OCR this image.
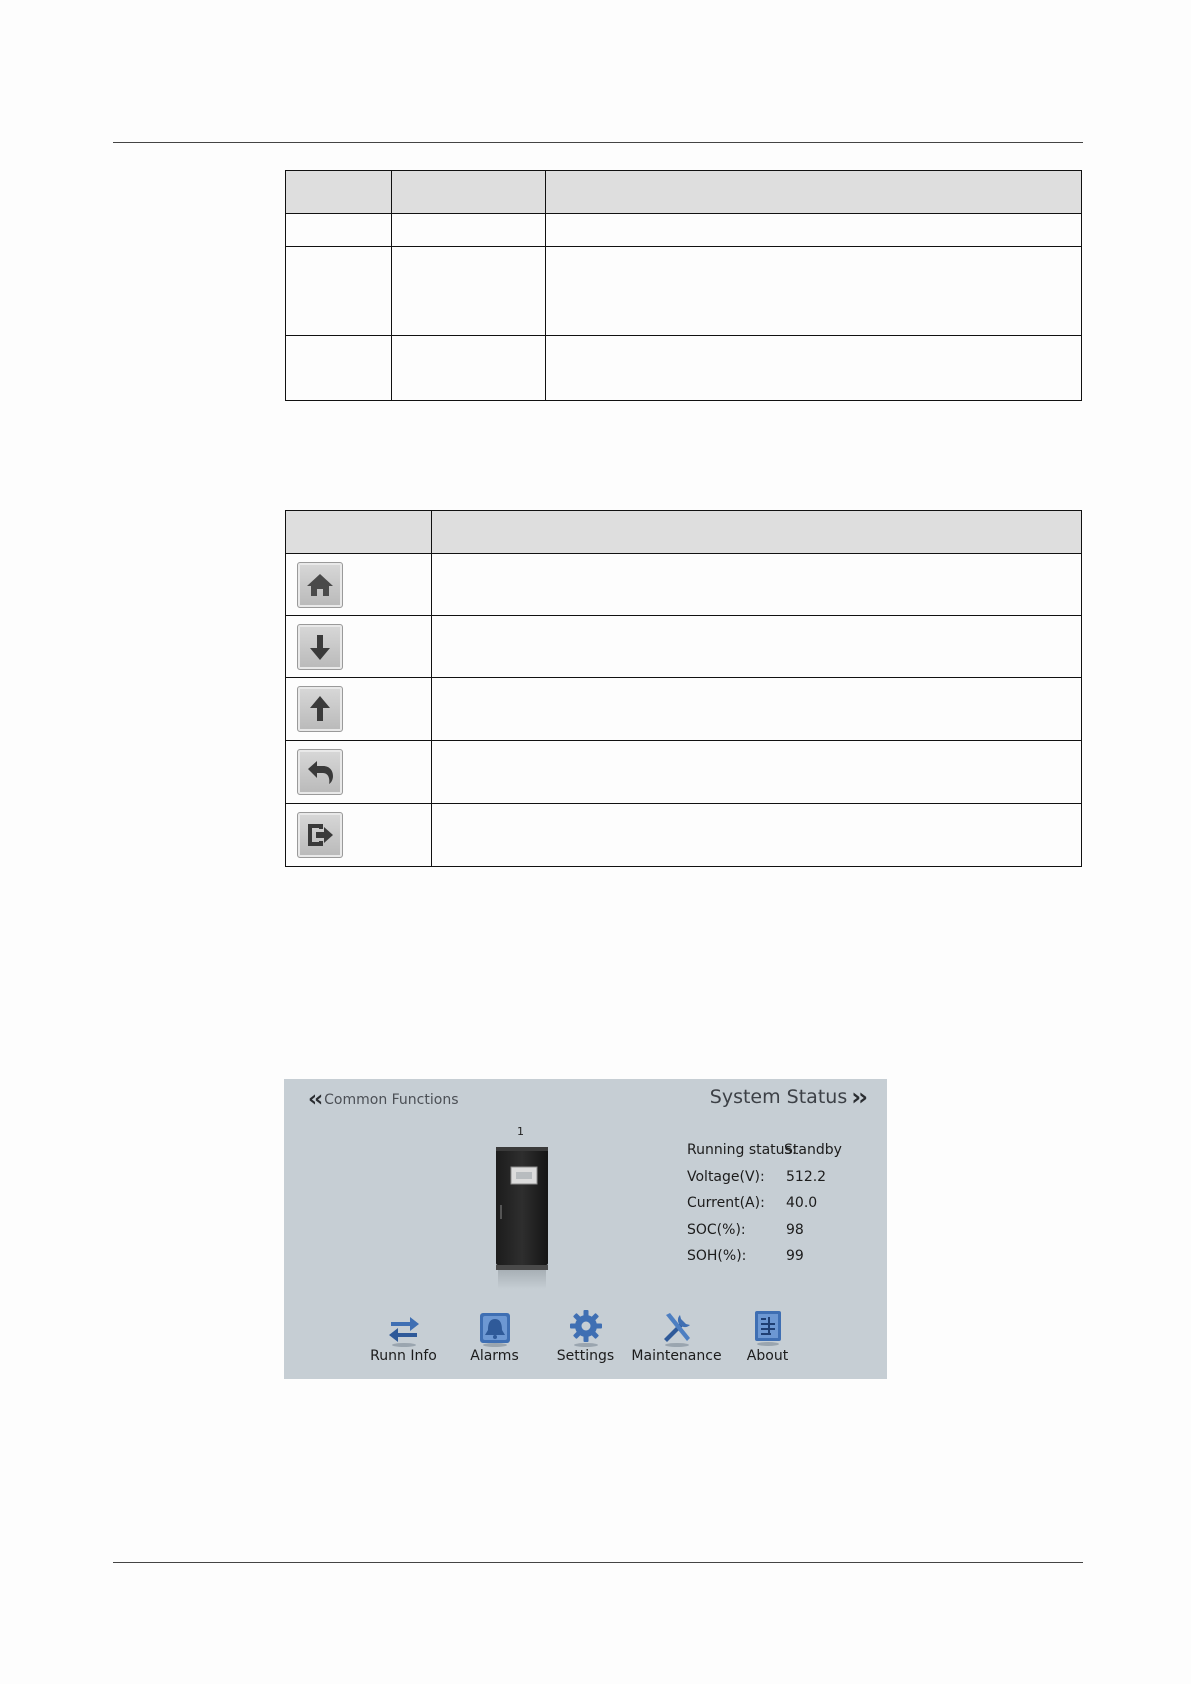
‹‹ Common Functions	System Status ››
1
Running status:
Standby
Voltage(V):	512.2
Current(A):	40.0
SOC(%):	98
SOH(%):	99
Runn Info Alarms	Settings Maintenance About
